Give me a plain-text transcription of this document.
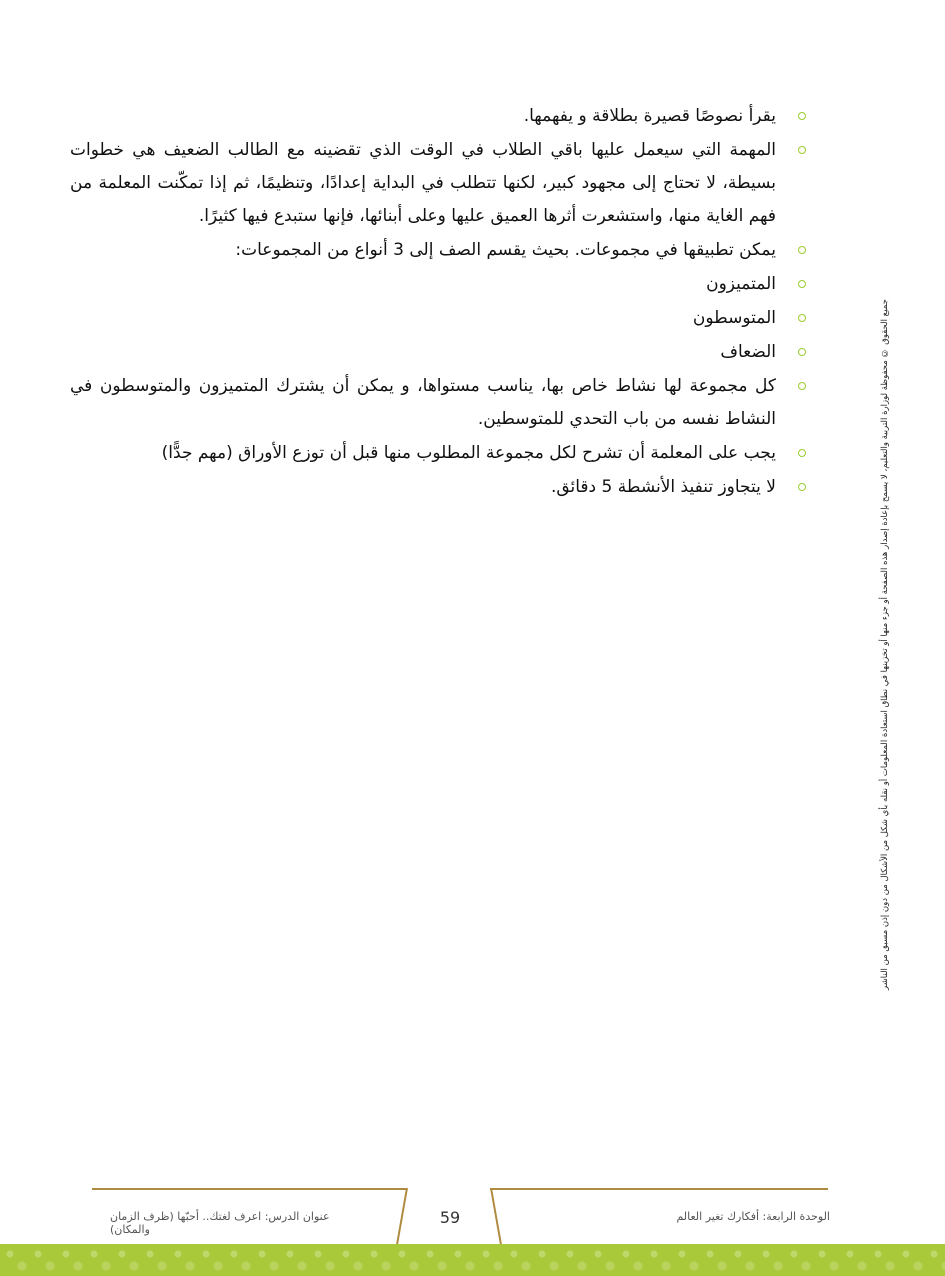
يقرأ نصوصًا قصيرة بطلاقة و يفهمها.
المهمة التي سيعمل عليها باقي الطلاب في الوقت الذي تقضينه مع الطالب الضعيف هي خطوات بسيطة، لا تحتاج إلى مجهود كبير، لكنها تتطلب في البداية إعدادًا، وتنظيمًا، ثم إذا تمكّنت المعلمة من فهم الغاية منها، واستشعرت أثرها العميق عليها وعلى أبنائها، فإنها ستبدع فيها كثيرًا.
يمكن تطبيقها في مجموعات. بحيث يقسم الصف إلى 3 أنواع من المجموعات:
المتميزون
المتوسطون
الضعاف
كل مجموعة لها نشاط خاص بها، يناسب مستواها، و يمكن أن يشترك المتميزون والمتوسطون في النشاط نفسه من باب التحدي للمتوسطين.
يجب على المعلمة أن تشرح لكل مجموعة المطلوب منها قبل أن توزع الأوراق (مهم جدًّا)
لا يتجاوز تنفيذ الأنشطة 5 دقائق.	جميع الحقوق © محفوظة لوزارة التربية والتعليم، لا يسمح بإعادة إصدار هذه الصفحة أو جزء منها أو تخزينها في نطاق استعادة المعلومات أو نقله بأي شكل من الأشكال من دون إذن مسبق من الناشر
عنوان الدرس: اعرف لغتك.. أحبّها (ظرف الزمان والمكان)
59	الوحدة الرابعة: أفكارك تغير العالم
